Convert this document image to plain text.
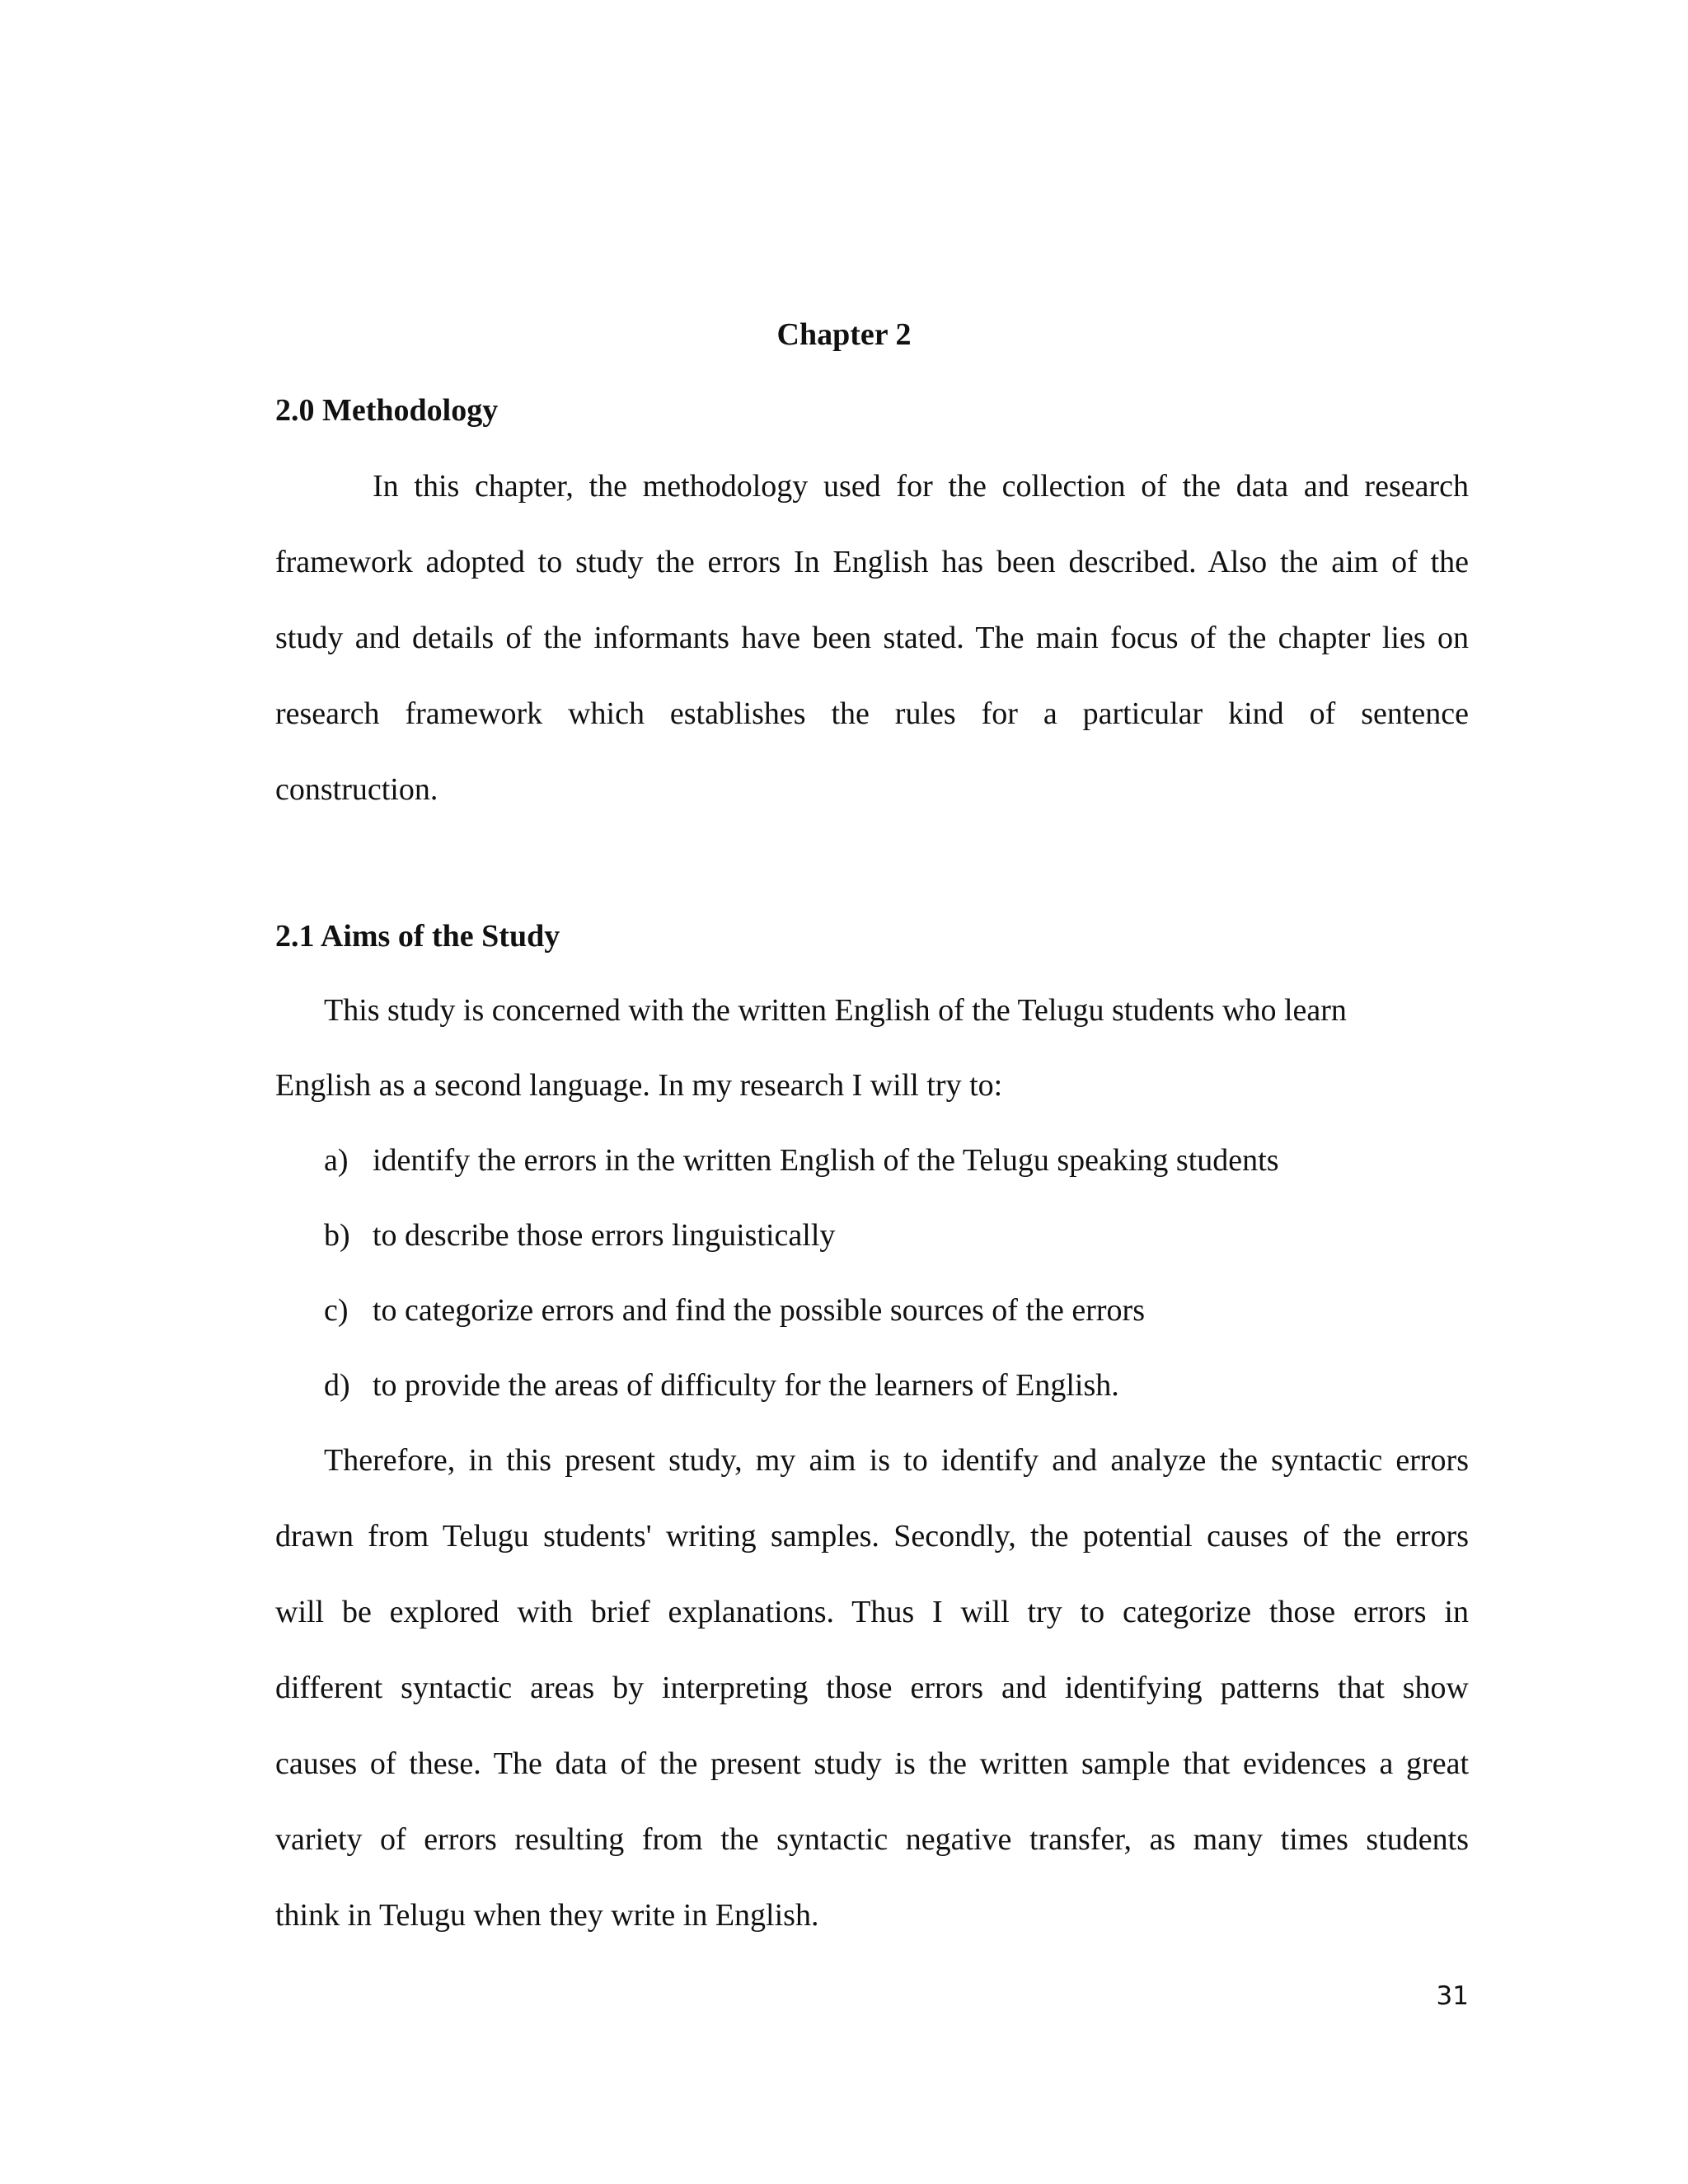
Chapter 2
2.0 Methodology
In this chapter, the methodology used for the collection of the data and research
framework adopted to study the errors In English has been described. Also the aim of the
study and details of the informants have been stated. The main focus of the chapter lies on
research framework which establishes the rules for a particular kind of sentence
construction.
2.1 Aims of the Study
This study is concerned with the written English of the Telugu students who learn
English as a second language. In my research I will try to:
a) identify the errors in the written English of the Telugu speaking students
b) to describe those errors linguistically
c) to categorize errors and find the possible sources of the errors
d) to provide the areas of difficulty for the learners of English.
Therefore, in this present study, my aim is to identify and analyze the syntactic errors
drawn from Telugu students' writing samples. Secondly, the potential causes of the errors
will be explored with brief explanations. Thus I will try to categorize those errors in
different syntactic areas by interpreting those errors and identifying patterns that show
causes of these. The data of the present study is the written sample that evidences a great
variety of errors resulting from the syntactic negative transfer, as many times students
think in Telugu when they write in English.
31
